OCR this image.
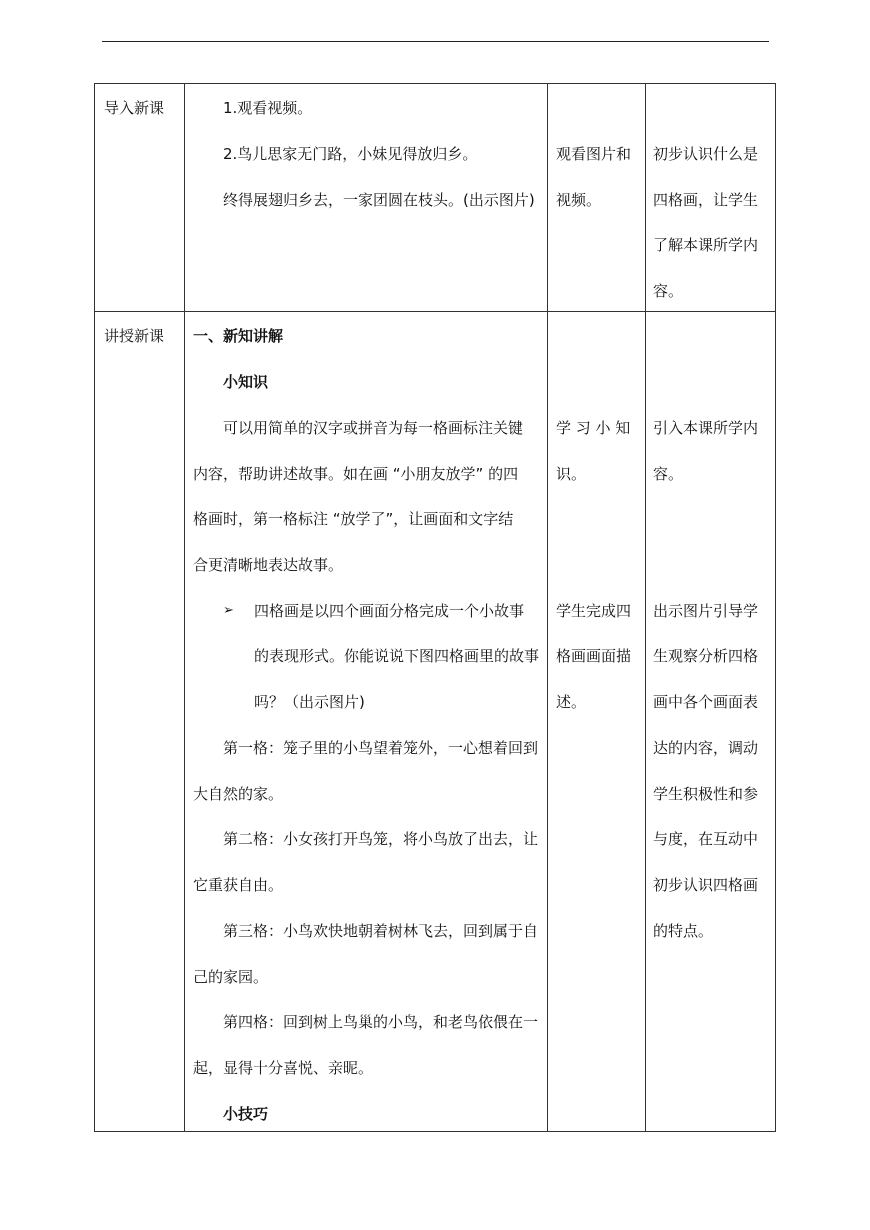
导入新课	1.观看视频。
2.鸟儿思家无门路，小妹见得放归乡。
终得展翅归乡去，一家团圆在枝头。(出示图片)
观看图片和
视频。
初步认识什么是
四格画，让学生
了解本课所学内
容。
讲授新课 一、新知讲解
小知识
可以用简单的汉字或拼音为每一格画标注关键
内容，帮助讲述故事。如在画 “小朋友放学” 的四
格画时，第一格标注 “放学了”，让画面和文字结
合更清晰地表达故事。
➢ 四格画是以四个画面分格完成一个小故事
的表现形式。你能说说下图四格画里的故事
吗？（出示图片)
第一格：笼子里的小鸟望着笼外，一心想着回到
大自然的家。
第二格：小女孩打开鸟笼，将小鸟放了出去，让
它重获自由。
第三格：小鸟欢快地朝着树林飞去，回到属于自
己的家园。
第四格：回到树上鸟巢的小鸟，和老鸟依偎在一
起，显得十分喜悦、亲昵。
小技巧
学 习 小 知
识。
学生完成四
格画画面描
述。
引入本课所学内
容。
出示图片引导学
生观察分析四格
画中各个画面表
达的内容，调动
学生积极性和参
与度，在互动中
初步认识四格画
的特点。
